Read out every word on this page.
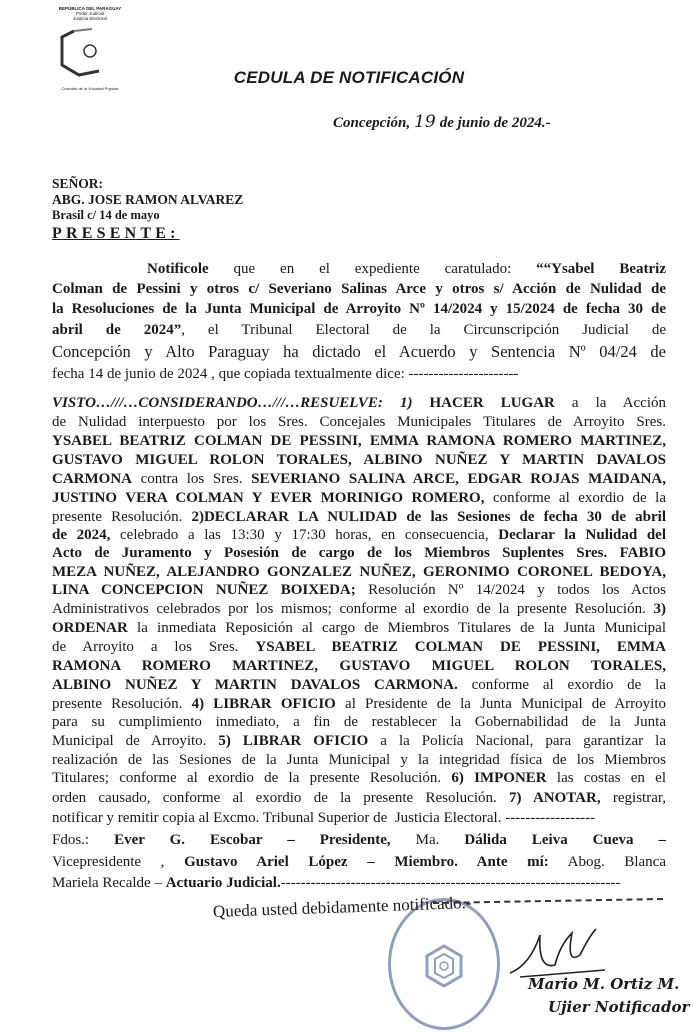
REPÚBLICA DEL PARAGUAY
Poder Judicial
Justicia Electoral
Custodio de la Voluntad Popular
CEDULA DE NOTIFICACIÓN
Concepción, 19 de junio de 2024.-
SEÑOR:
ABG. JOSE RAMON ALVAREZ
Brasil c/ 14 de mayo
PRESENTE:
Notificole que en el expediente caratulado: ““Ysabel Beatriz
Colman de Pessini y otros c/ Severiano Salinas Arce y otros s/ Acción de Nulidad de
la Resoluciones de la Junta Municipal de Arroyito Nº 14/2024 y 15/2024 de fecha 30 de
abril de 2024”, el Tribunal Electoral de la Circunscripción Judicial de
Concepción y Alto Paraguay ha dictado el Acuerdo y Sentencia Nº 04/24 de
fecha 14 de junio de 2024 , que copiada textualmente dice: ----------------------
VISTO…///…CONSIDERANDO…///…RESUELVE: 1) HACER LUGAR a la Acción
de Nulidad interpuesto por los Sres. Concejales Municipales Titulares de Arroyito Sres.
YSABEL BEATRIZ COLMAN DE PESSINI, EMMA RAMONA ROMERO MARTINEZ,
GUSTAVO MIGUEL ROLON TORALES, ALBINO NUÑEZ Y MARTIN DAVALOS
CARMONA contra los Sres. SEVERIANO SALINA ARCE, EDGAR ROJAS MAIDANA,
JUSTINO VERA COLMAN Y EVER MORINIGO ROMERO, conforme al exordio de la
presente Resolución. 2)DECLARAR LA NULIDAD de las Sesiones de fecha 30 de abril
de 2024, celebrado a las 13:30 y 17:30 horas, en consecuencia, Declarar la Nulidad del
Acto de Juramento y Posesión de cargo de los Miembros Suplentes Sres. FABIO
MEZA NUÑEZ, ALEJANDRO GONZALEZ NUÑEZ, GERONIMO CORONEL BEDOYA,
LINA CONCEPCION NUÑEZ BOIXEDA; Resolución Nº 14/2024 y todos los Actos
Administrativos celebrados por los mismos; conforme al exordio de la presente Resolución. 3)
ORDENAR la inmediata Reposición al cargo de Miembros Titulares de la Junta Municipal
de Arroyito a los Sres. YSABEL BEATRIZ COLMAN DE PESSINI, EMMA
RAMONA ROMERO MARTINEZ, GUSTAVO MIGUEL ROLON TORALES,
ALBINO NUÑEZ Y MARTIN DAVALOS CARMONA. conforme al exordio de la
presente Resolución. 4) LIBRAR OFICIO al Presidente de la Junta Municipal de Arroyito
para su cumplimiento inmediato, a fin de restablecer la Gobernabilidad de la Junta
Municipal de Arroyito. 5) LIBRAR OFICIO a la Policía Nacional, para garantizar la
realización de las Sesiones de la Junta Municipal y la integridad física de los Miembros
Titulares; conforme al exordio de la presente Resolución. 6) IMPONER las costas en el
orden causado, conforme al exordio de la presente Resolución. 7) ANOTAR, registrar,
notificar y remitir copia al Excmo. Tribunal Superior de  Justicia Electoral. ------------------
Fdos.: Ever G. Escobar – Presidente, Ma. Dálida Leiva Cueva –
Vicepresidente , Gustavo Ariel López – Miembro. Ante mí: Abog. Blanca
Mariela Recalde – Actuario Judicial.--------------------------------------------------------------------
Queda usted debidamente notificado.-
Mario M. Ortiz M.
Ujier Notificador
